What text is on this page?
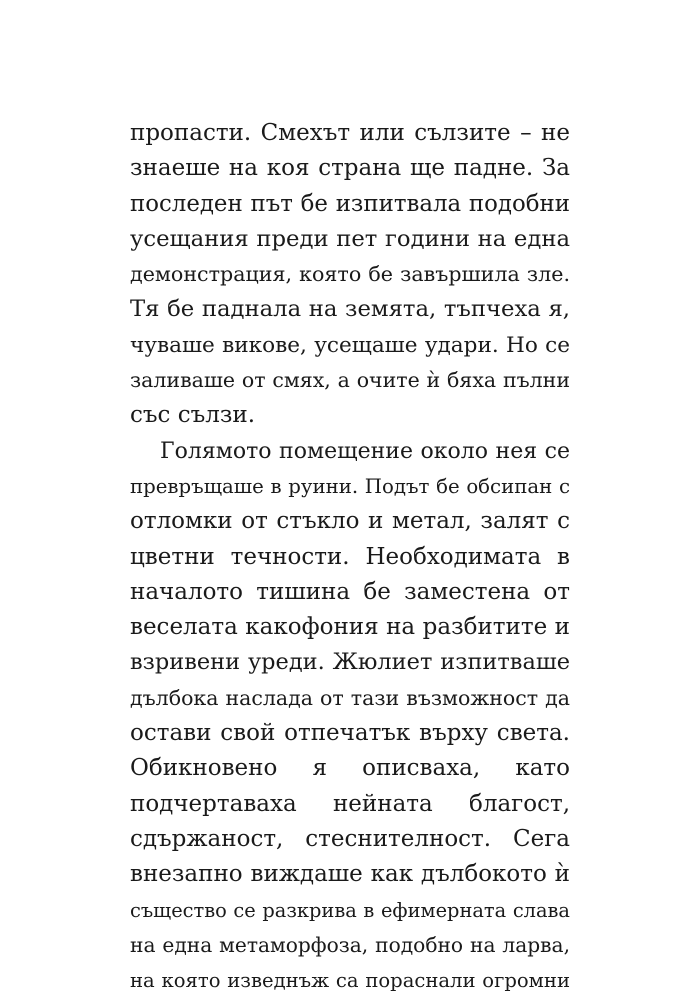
пропасти. Смехът или сълзите – не
знаеше на коя страна ще падне. За
последен път бе изпитвала подобни
усещания преди пет години на една
демонстрация, която бе завършила зле.
Тя бе паднала на земята, тъпчеха я,
чуваше викове, усещаше удари. Но се
заливаше от смях, а очите ѝ бяха пълни
със сълзи.
Голямото помещение около нея се
превръщаше в руини. Подът бе обсипан с
отломки от стъкло и метал, залят с
цветни течности. Необходимата в
началото тишина бе заместена от
веселата какофония на разбитите и
взривени уреди. Жюлиет изпитваше
дълбока наслада от тази възможност да
остави свой отпечатък върху света.
Обикновено я описваха, като
подчертаваха нейната благост,
сдържаност, стеснителност. Сега
внезапно виждаше как дълбокото ѝ
същество се разкрива в ефимерната слава
на една метаморфоза, подобно на ларва,
на която изведнъж са пораснали огромни
